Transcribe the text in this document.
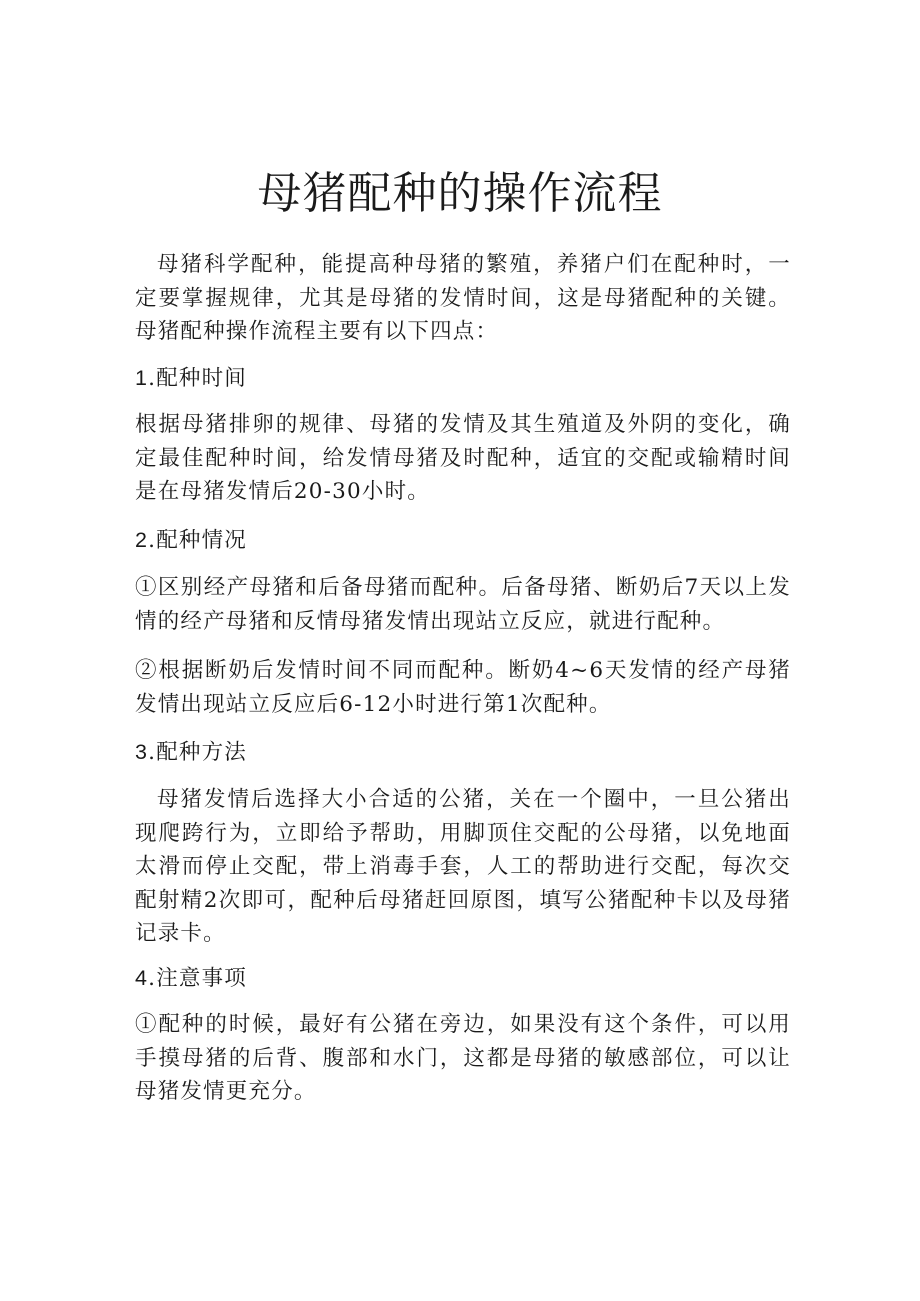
母猪配种的操作流程

母猪科学配种，能提高种母猪的繁殖，养猪户们在配种时，一定要掌握规律，尤其是母猪的发情时间，这是母猪配种的关键。母猪配种操作流程主要有以下四点：

1.配种时间

根据母猪排卵的规律、母猪的发情及其生殖道及外阴的变化，确定最佳配种时间，给发情母猪及时配种，适宜的交配或输精时间是在母猪发情后20-30小时。

2.配种情况

①区别经产母猪和后备母猪而配种。后备母猪、断奶后7天以上发情的经产母猪和反情母猪发情出现站立反应，就进行配种。

②根据断奶后发情时间不同而配种。断奶4~6天发情的经产母猪发情出现站立反应后6-12小时进行第1次配种。

3.配种方法

母猪发情后选择大小合适的公猪，关在一个圈中，一旦公猪出现爬跨行为，立即给予帮助，用脚顶住交配的公母猪，以免地面太滑而停止交配，带上消毒手套，人工的帮助进行交配，每次交配射精2次即可，配种后母猪赶回原图，填写公猪配种卡以及母猪记录卡。

4.注意事项

①配种的时候，最好有公猪在旁边，如果没有这个条件，可以用手摸母猪的后背、腹部和水门，这都是母猪的敏感部位，可以让母猪发情更充分。
